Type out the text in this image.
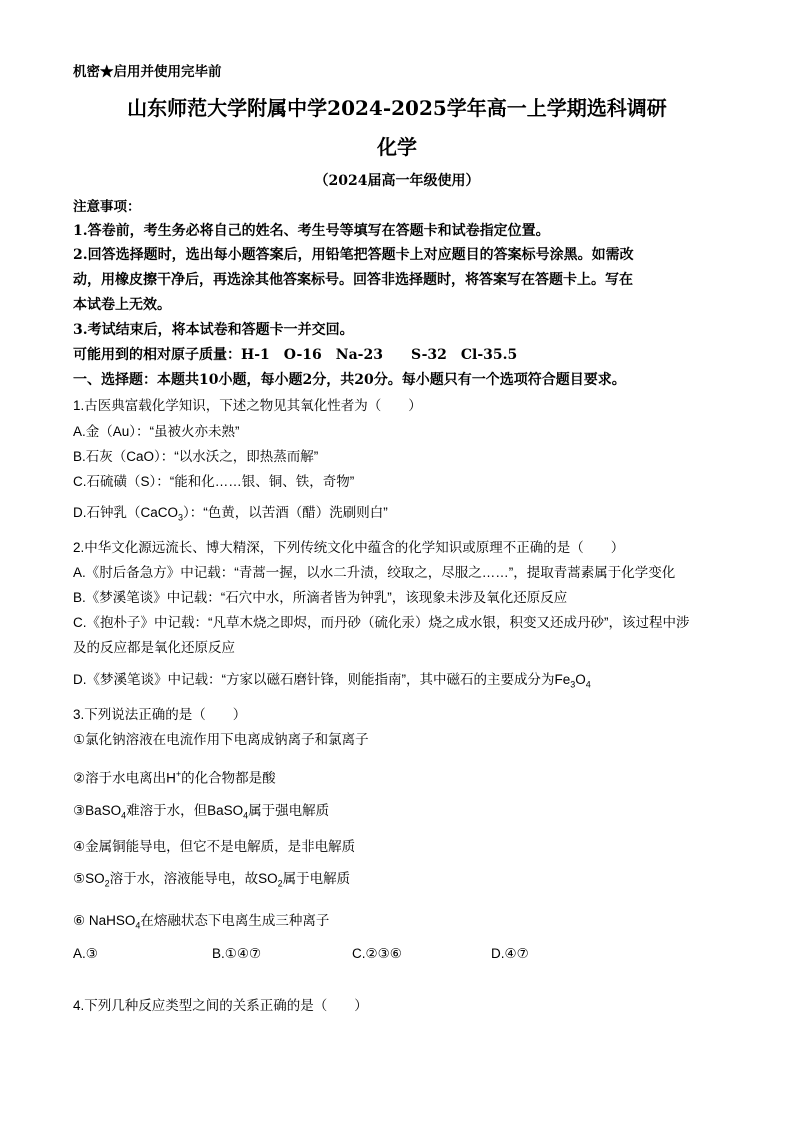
机密★启用并使用完毕前
山东师范大学附属中学2024-2025学年高一上学期选科调研
化学
（2024届高一年级使用）
注意事项：
1.答卷前，考生务必将自己的姓名、考生号等填写在答题卡和试卷指定位置。
2.回答选择题时，选出每小题答案后，用铅笔把答题卡上对应题目的答案标号涂黑。如需改
动，用橡皮擦干净后，再选涂其他答案标号。回答非选择题时，将答案写在答题卡上。写在
本试卷上无效。
3.考试结束后，将本试卷和答题卡一并交回。
可能用到的相对原子质量：H-1　O-16　Na-23　　S-32　Cl-35.5
一、选择题：本题共10小题，每小题2分，共20分。每小题只有一个选项符合题目要求。
1.古医典富载化学知识，下述之物见其氧化性者为（　　）
A.金（Au）：“虽被火亦未熟”
B.石灰（CaO）：“以水沃之，即热蒸而解”
C.石硫磺（S）：“能和化……银、铜、铁，奇物”
D.石钟乳（CaCO$_3$）：“色黄，以苦酒（醋）洗刷则白”
2.中华文化源远流长、博大精深，下列传统文化中蕴含的化学知识或原理不正确的是（　　）
A.《肘后备急方》中记载：“青蒿一握，以水二升渍，绞取之，尽服之……”，提取青蒿素属于化学变化
B.《梦溪笔谈》中记载：“石穴中水，所滴者皆为钟乳”，该现象未涉及氧化还原反应
C.《抱朴子》中记载：“凡草木烧之即烬，而丹砂（硫化汞）烧之成水银，积变又还成丹砂”，该过程中涉
及的反应都是氧化还原反应
D.《梦溪笔谈》中记载：“方家以磁石磨针锋，则能指南”，其中磁石的主要成分为$Fe_3O_4$
3.下列说法正确的是（　　）
①氯化钠溶液在电流作用下电离成钠离子和氯离子
②溶于水电离出H+的化合物都是酸
③BaSO$_4$难溶于水，但BaSO$_4$属于强电解质
④金属铜能导电，但它不是电解质，是非电解质
$⑤SO_2$溶于水，溶液能导电，故$SO_2$属于电解质
⑥ NaHSO$_4$在熔融状态下电离生成三种离子
A.③	B.①④⑦	C.②③⑥	D.④⑦
4.下列几种反应类型之间的关系正确的是（　　）
